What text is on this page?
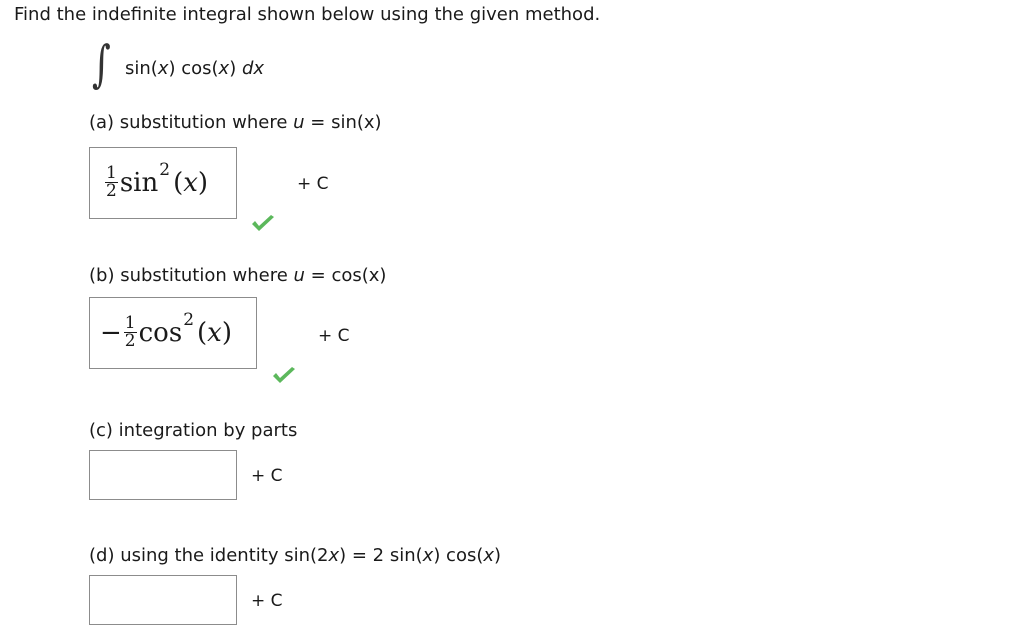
Find the indefinite integral shown below using the given method.
∫ sin(x) cos(x) dx
(a) substitution where u = sin(x)
$\frac{1}{2}$ sin 2 (x)	+ C
(b) substitution where u = cos(x)
− $\frac{1}{2}$ cos 2 (x)	+ C
(c) integration by parts
+ C
(d) using the identity sin(2x) = 2 sin(x) cos(x)
+ C
